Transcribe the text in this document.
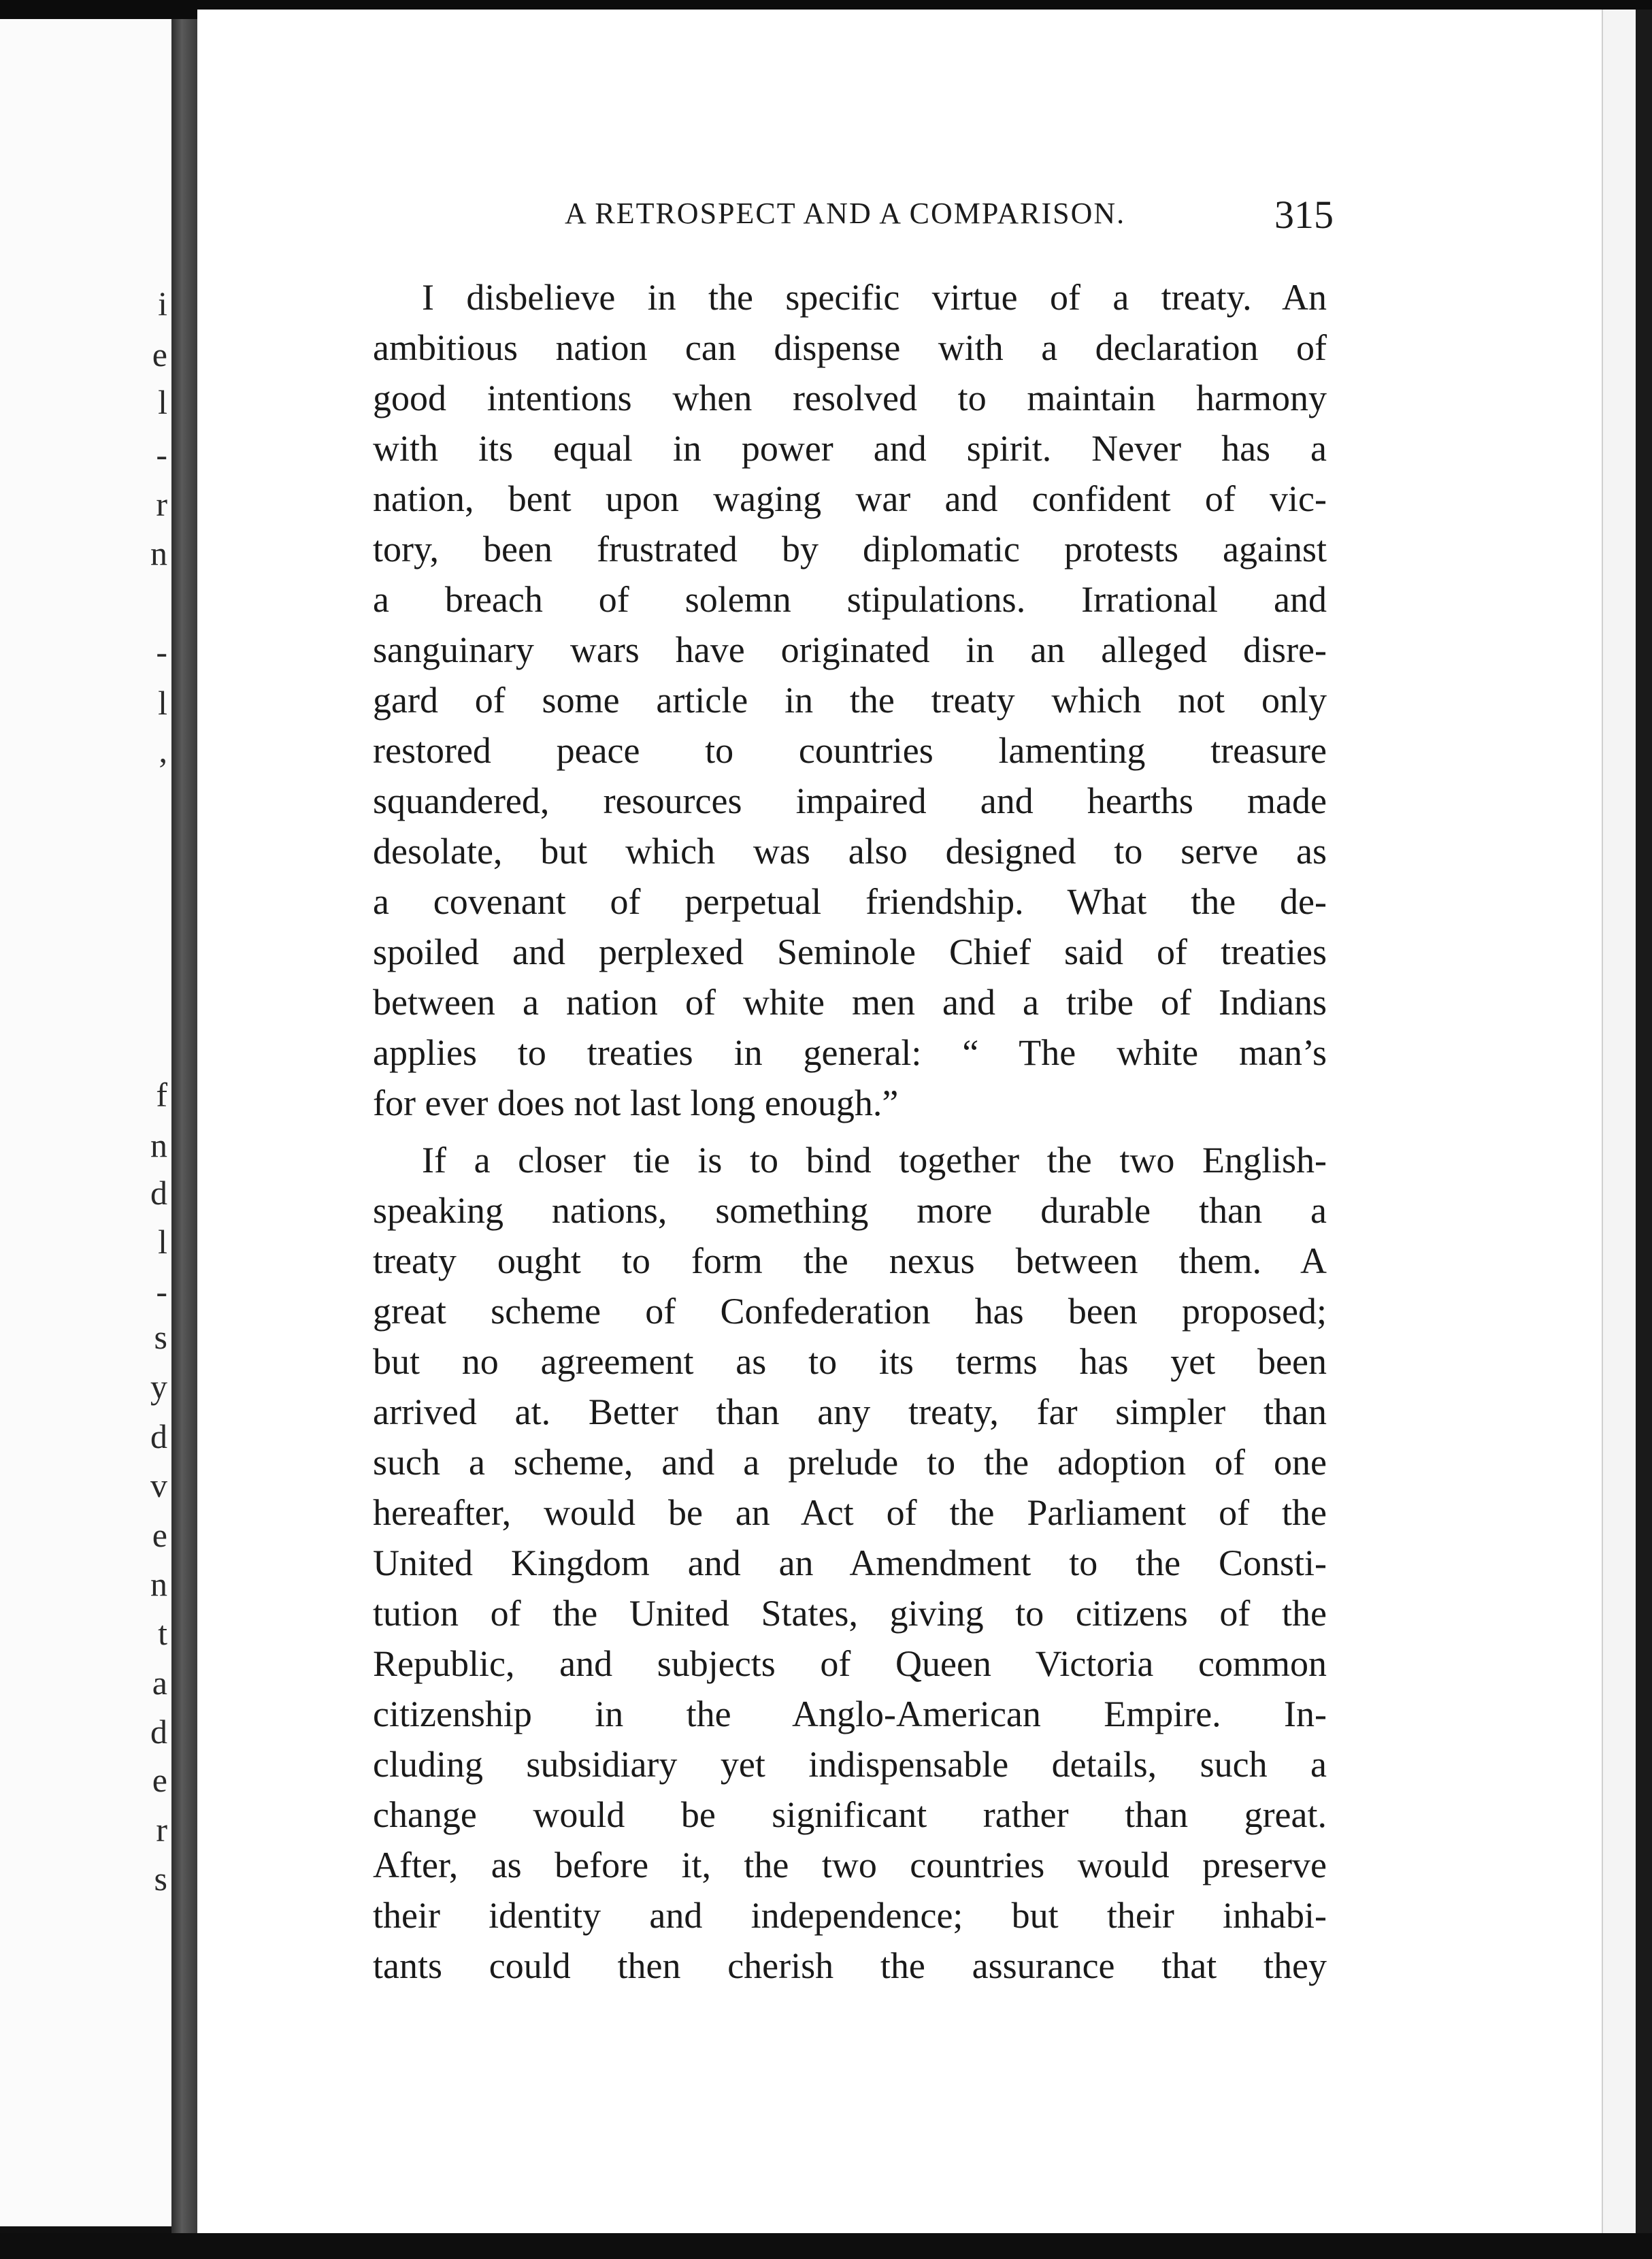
i
e
l
-
r
n
-
l
,
f
n
d
l
-
s
y
d
v
e
n
t
a
d
e
r
s
A RETROSPECT AND A COMPARISON.	315
I disbelieve in the specific virtue of a treaty. An
ambitious nation can dispense with a declaration of
good intentions when resolved to maintain harmony
with its equal in power and spirit. Never has a
nation, bent upon waging war and confident of vic-
tory, been frustrated by diplomatic protests against
a breach of solemn stipulations. Irrational and
sanguinary wars have originated in an alleged disre-
gard of some article in the treaty which not only
restored peace to countries lamenting treasure
squandered, resources impaired and hearths made
desolate, but which was also designed to serve as
a covenant of perpetual friendship. What the de-
spoiled and perplexed Seminole Chief said of treaties
between a nation of white men and a tribe of Indians
applies to treaties in general: “ The white man’s
for ever does not last long enough.”
If a closer tie is to bind together the two English-
speaking nations, something more durable than a
treaty ought to form the nexus between them. A
great scheme of Confederation has been proposed;
but no agreement as to its terms has yet been
arrived at. Better than any treaty, far simpler than
such a scheme, and a prelude to the adoption of one
hereafter, would be an Act of the Parliament of the
United Kingdom and an Amendment to the Consti-
tution of the United States, giving to citizens of the
Republic, and subjects of Queen Victoria common
citizenship in the Anglo-American Empire. In-
cluding subsidiary yet indispensable details, such a
change would be significant rather than great.
After, as before it, the two countries would preserve
their identity and independence; but their inhabi-
tants could then cherish the assurance that they
